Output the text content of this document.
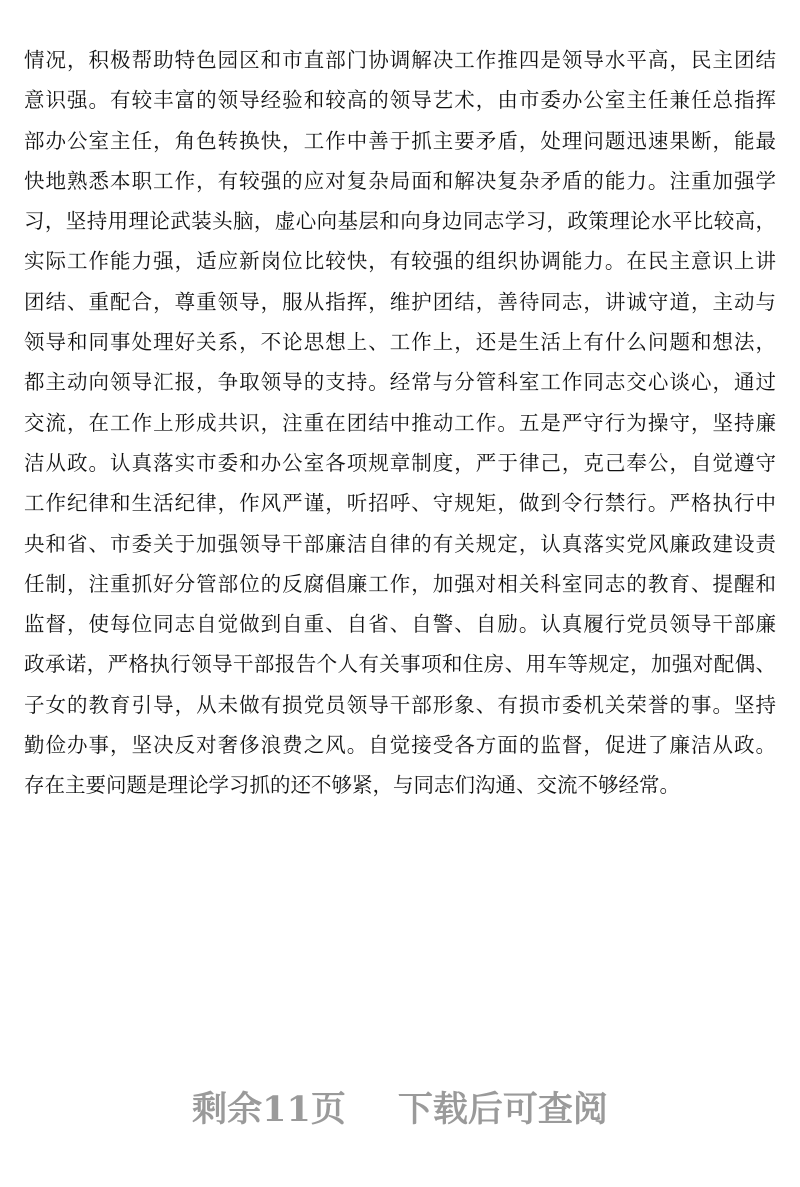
情况，积极帮助特色园区和市直部门协调解决工作推四是领导水平高，民主团结
意识强。有较丰富的领导经验和较高的领导艺术，由市委办公室主任兼任总指挥
部办公室主任，角色转换快，工作中善于抓主要矛盾，处理问题迅速果断，能最
快地熟悉本职工作，有较强的应对复杂局面和解决复杂矛盾的能力。注重加强学
习，坚持用理论武装头脑，虚心向基层和向身边同志学习，政策理论水平比较高，
实际工作能力强，适应新岗位比较快，有较强的组织协调能力。在民主意识上讲
团结、重配合，尊重领导，服从指挥，维护团结，善待同志，讲诚守道，主动与
领导和同事处理好关系，不论思想上、工作上，还是生活上有什么问题和想法，
都主动向领导汇报，争取领导的支持。经常与分管科室工作同志交心谈心，通过
交流，在工作上形成共识，注重在团结中推动工作。五是严守行为操守，坚持廉
洁从政。认真落实市委和办公室各项规章制度，严于律己，克己奉公，自觉遵守
工作纪律和生活纪律，作风严谨，听招呼、守规矩，做到令行禁行。严格执行中
央和省、市委关于加强领导干部廉洁自律的有关规定，认真落实党风廉政建设责
任制，注重抓好分管部位的反腐倡廉工作，加强对相关科室同志的教育、提醒和
监督，使每位同志自觉做到自重、自省、自警、自励。认真履行党员领导干部廉
政承诺，严格执行领导干部报告个人有关事项和住房、用车等规定，加强对配偶、
子女的教育引导，从未做有损党员领导干部形象、有损市委机关荣誉的事。坚持
勤俭办事，坚决反对奢侈浪费之风。自觉接受各方面的监督，促进了廉洁从政。
存在主要问题是理论学习抓的还不够紧，与同志们沟通、交流不够经常。
剩余11页 下载后可查阅
